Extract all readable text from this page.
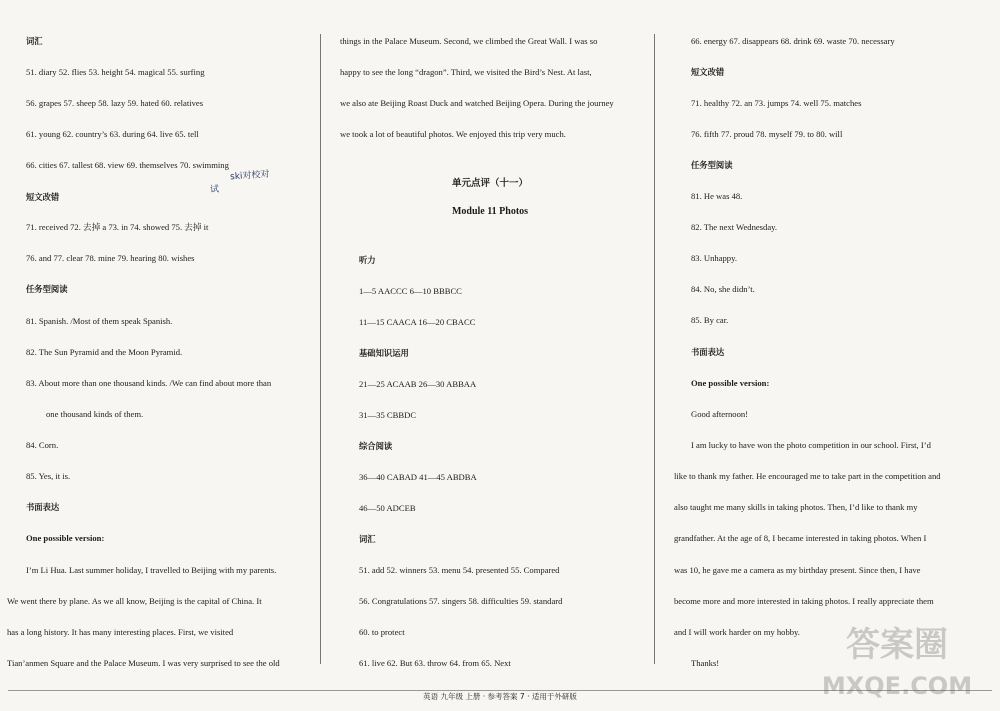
词汇
51. diary 52. flies 53. height 54. magical 55. surfing
56. grapes 57. sheep 58. lazy 59. hated 60. relatives
61. young 62. country’s 63. during 64. live 65. tell
66. cities 67. tallest 68. view 69. themselves 70. swimming
ski对校对
试
短文改错
71. received 72. 去掉 a 73. in 74. showed 75. 去掉 it
76. and 77. clear 78. mine 79. hearing 80. wishes
任务型阅读
81. Spanish. /Most of them speak Spanish.
82. The Sun Pyramid and the Moon Pyramid.
83. About more than one thousand kinds. /We can find about more than
one thousand kinds of them.
84. Corn.
85. Yes, it is.
书面表达
One possible version:
I’m Li Hua. Last summer holiday, I travelled to Beijing with my parents.
We went there by plane. As we all know, Beijing is the capital of China. It
has a long history. It has many interesting places. First, we visited
Tian’anmen Square and the Palace Museum. I was very surprised to see the old
things in the Palace Museum. Second, we climbed the Great Wall. I was so
happy to see the long “dragon”. Third, we visited the Bird’s Nest. At last,
we also ate Beijing Roast Duck and watched Beijing Opera. During the journey
we took a lot of beautiful photos. We enjoyed this trip very much.
单元点评（十一）
Module 11 Photos
听力
1—5 AACCC 6—10 BBBCC
11—15 CAACA 16—20 CBACC
基础知识运用
21—25 ACAAB 26—30 ABBAA
31—35 CBBDC
综合阅读
36—40 CABAD 41—45 ABDBA
46—50 ADCEB
词汇
51. add 52. winners 53. menu 54. presented 55. Compared
56. Congratulations 57. singers 58. difficulties 59. standard
60. to protect
61. live 62. But 63. throw 64. from 65. Next
66. energy 67. disappears 68. drink 69. waste 70. necessary
短文改错
71. healthy 72. an 73. jumps 74. well 75. matches
76. fifth 77. proud 78. myself 79. to 80. will
任务型阅读
81. He was 48.
82. The next Wednesday.
83. Unhappy.
84. No, she didn’t.
85. By car.
书面表达
One possible version:
Good afternoon!
I am lucky to have won the photo competition in our school. First, I’d
like to thank my father. He encouraged me to take part in the competition and
also taught me many skills in taking photos. Then, I’d like to thank my
grandfather. At the age of 8, I became interested in taking photos. When I
was 10, he gave me a camera as my birthday present. Since then, I have
become more and more interested in taking photos. I really appreciate them
and I will work harder on my hobby.
Thanks!
英语 九年级 上册 · 参考答案 7 · 适用于外研版
答案圈
MXQE.COM
